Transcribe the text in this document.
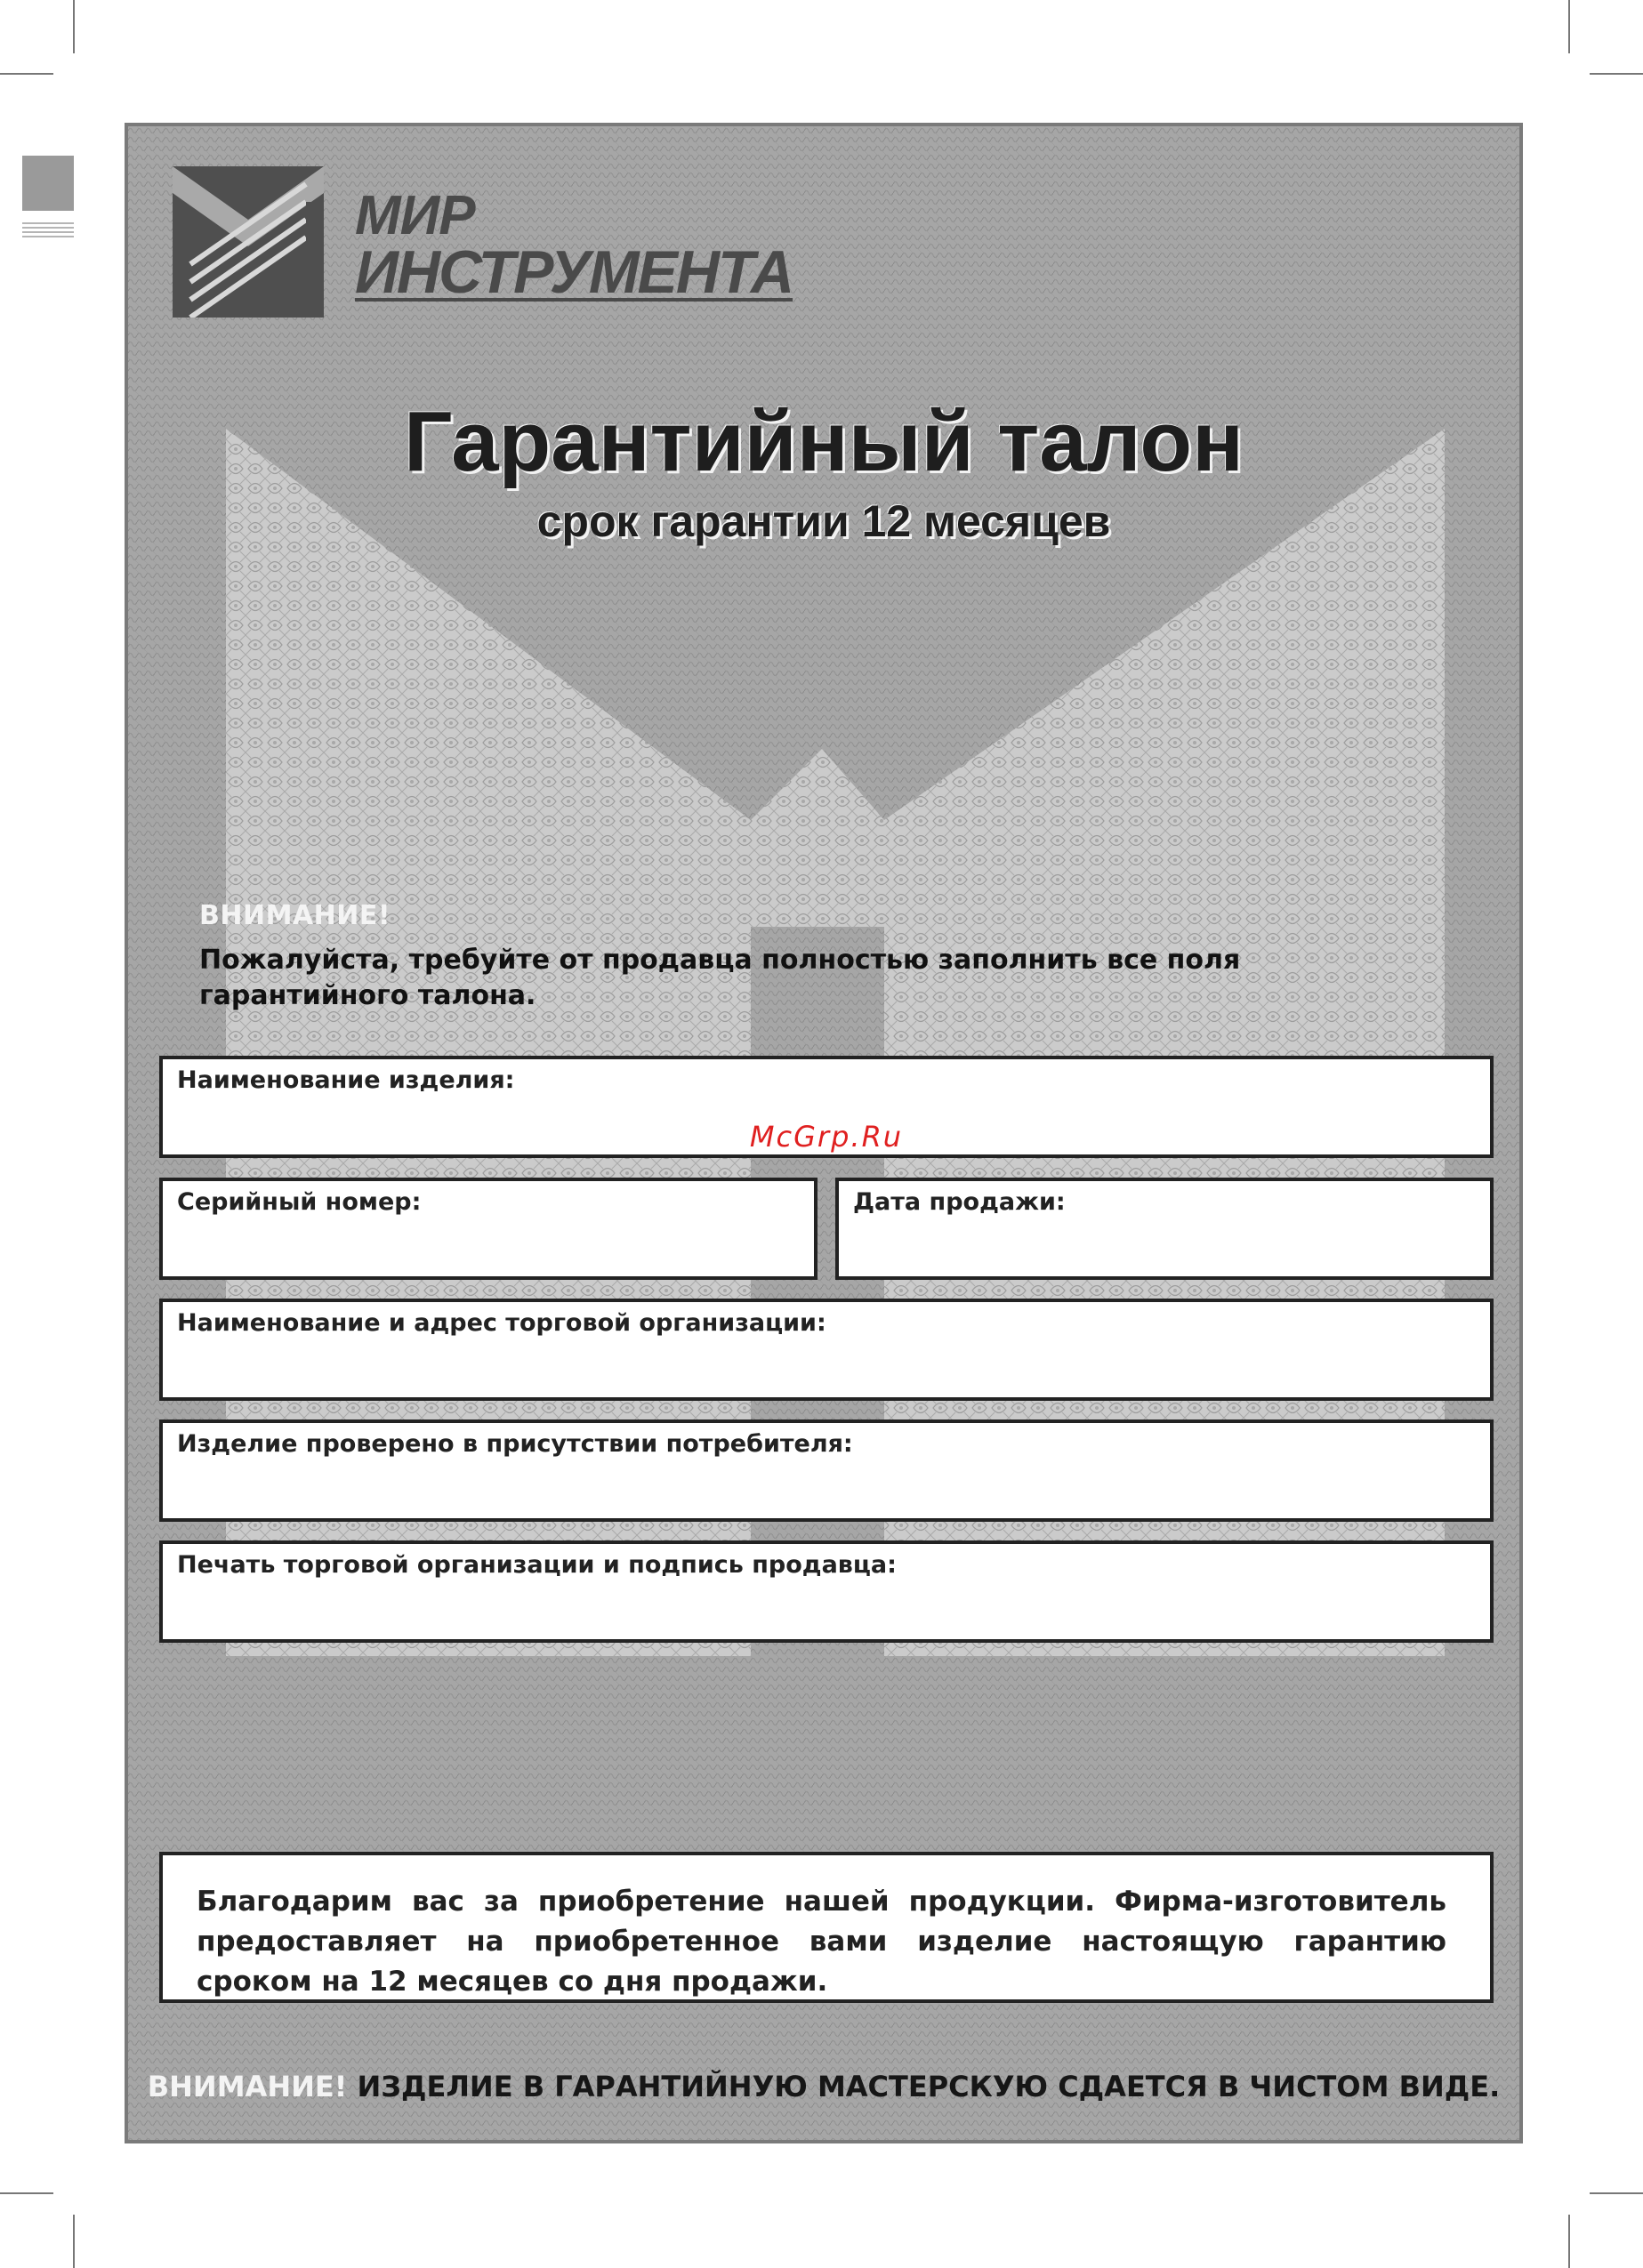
МИР
ИНСТРУМЕНТА
Гарантийный талон
срок гарантии 12 месяцев
ВНИМАНИЕ!
Пожалуйста, требуйте от продавца полностью заполнить все поля гарантийного талона.
Наименование изделия:
McGrp.Ru
Серийный номер:	Дата продажи:
Наименование и адрес торговой организации:
Изделие проверено в присутствии потребителя:
Печать торговой организации и подпись продавца:
Благодарим вас за приобретение нашей продукции. Фирма-изготовитель предоставляет на приобретенное вами изделие настоящую гарантию сроком на 12 месяцев со дня продажи.
ВНИМАНИЕ! ИЗДЕЛИЕ В ГАРАНТИЙНУЮ МАСТЕРСКУЮ СДАЕТСЯ В ЧИСТОМ ВИДЕ.
